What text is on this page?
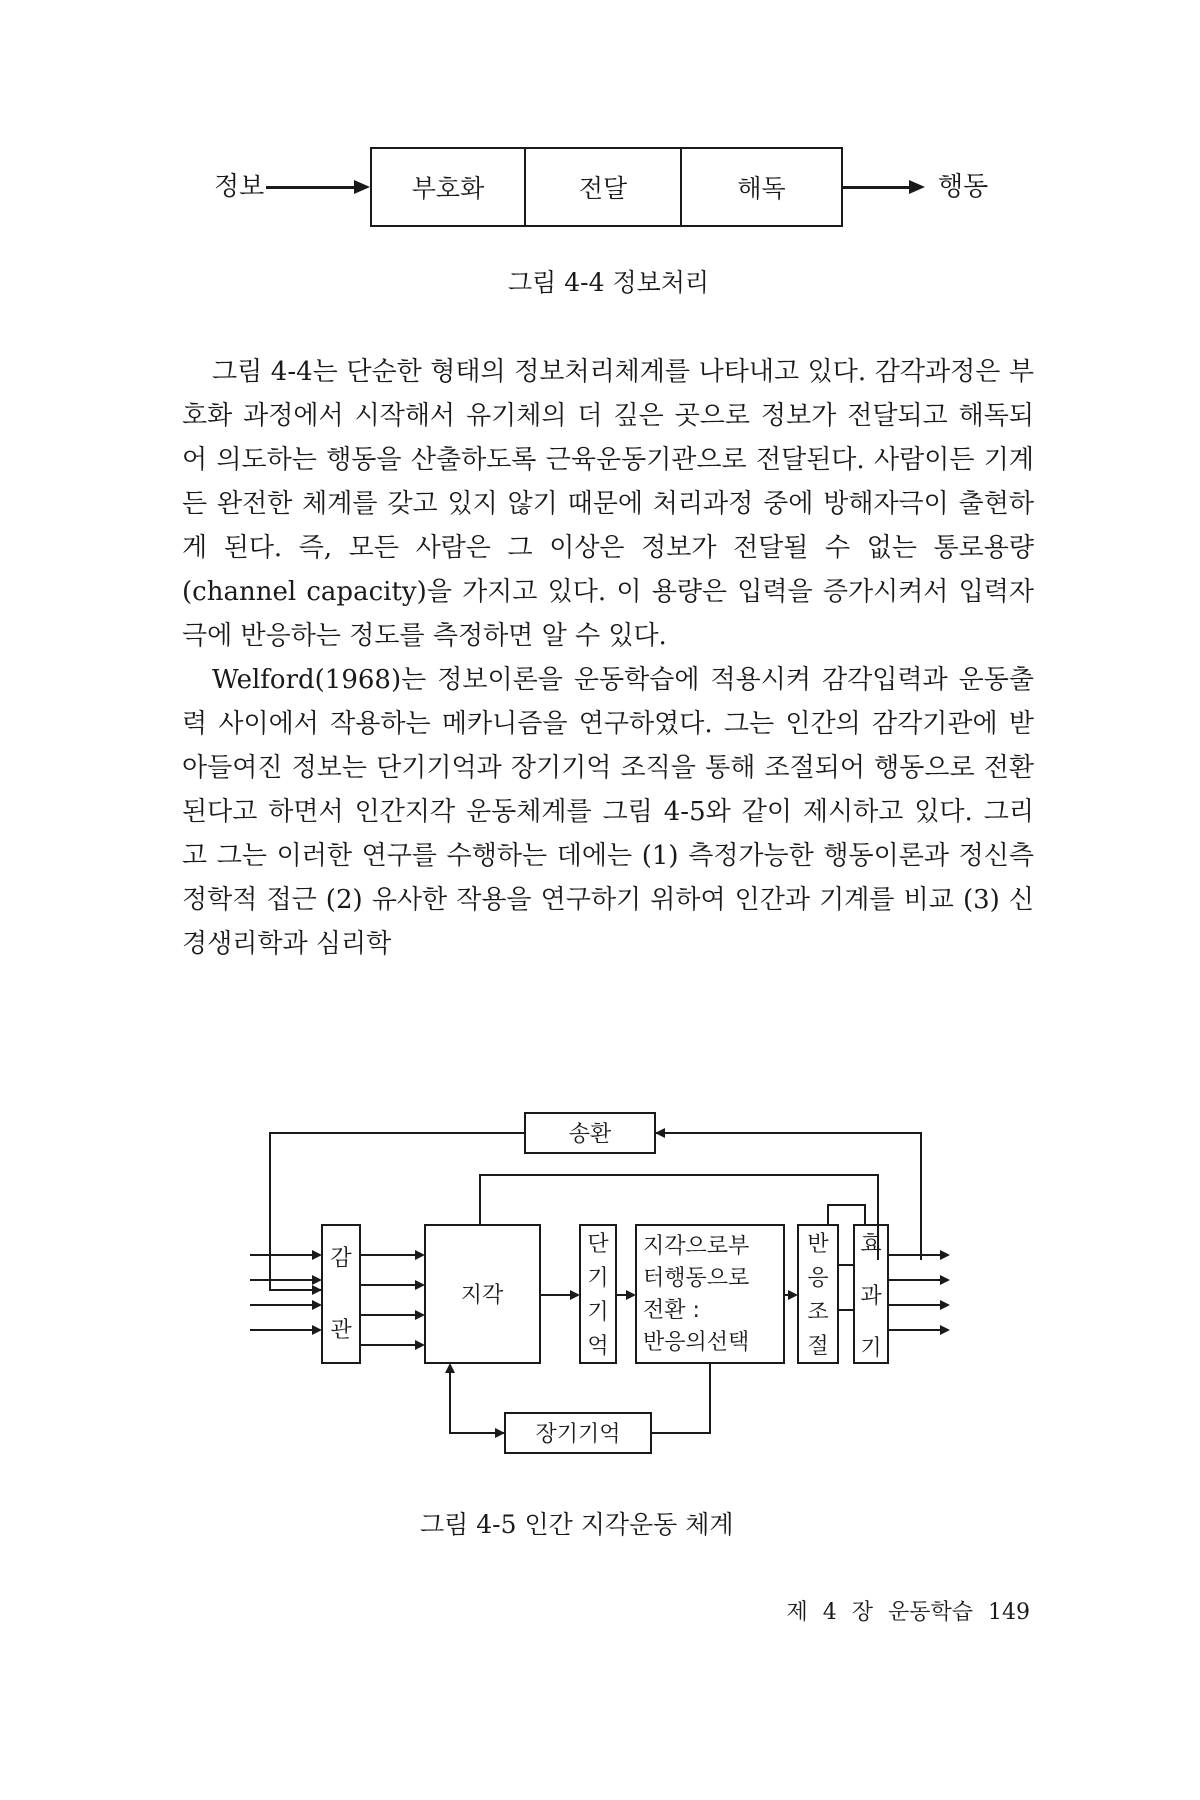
정보	부호화	전달	해독	행동
그림 4-4 정보처리

그림 4-4는 단순한 형태의 정보처리체계를 나타내고 있다. 감각과정은 부호화 과정에서 시작해서 유기체의 더 깊은 곳으로 정보가 전달되고 해독되어 의도하는 행동을 산출하도록 근육운동기관으로 전달된다. 사람이든 기계든 완전한 체계를 갖고 있지 않기 때문에 처리과정 중에 방해자극이 출현하게 된다. 즉, 모든 사람은 그 이상은 정보가 전달될 수 없는 통로용량(channel capacity)을 가지고 있다. 이 용량은 입력을 증가시켜서 입력자극에 반응하는 정도를 측정하면 알 수 있다.

Welford(1968)는 정보이론을 운동학습에 적용시켜 감각입력과 운동출력 사이에서 작용하는 메카니즘을 연구하였다. 그는 인간의 감각기관에 받아들여진 정보는 단기기억과 장기기억 조직을 통해 조절되어 행동으로 전환된다고 하면서 인간지각 운동체계를 그림 4-5와 같이 제시하고 있다. 그리고 그는 이러한 연구를 수행하는 데에는 (1) 측정가능한 행동이론과 정신측정학적 접근 (2) 유사한 작용을 연구하기 위하여 인간과 기계를 비교 (3) 신경생리학과 심리학

송환
감
관
지각
단
기
기
억
지각으로부
터행동으로
전환 :
반응의선택
반
응
조
절
효
과
기
장기기억
그림 4-5 인간 지각운동 체계
제 4 장 운동학습 149
